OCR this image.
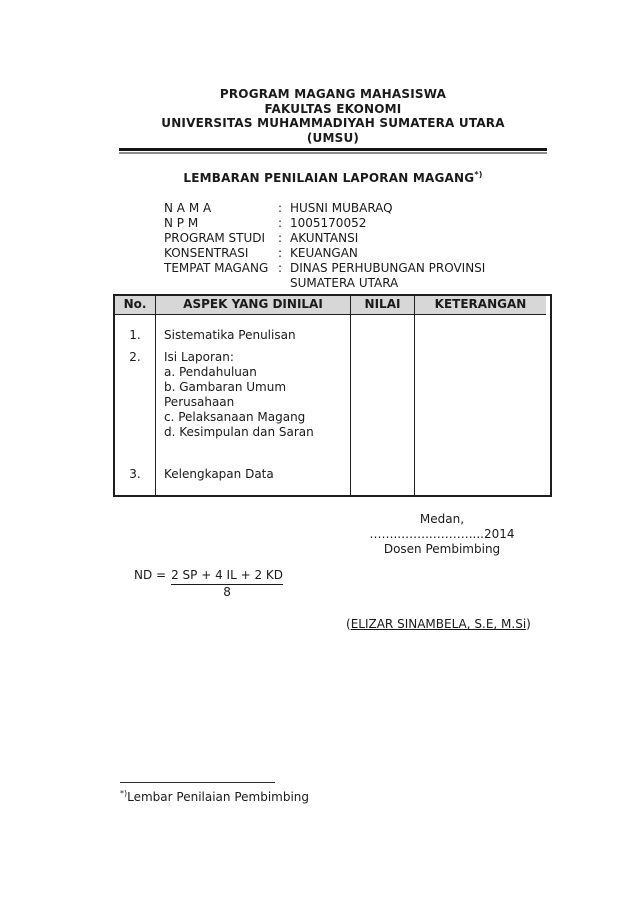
PROGRAM MAGANG MAHASISWA
FAKULTAS EKONOMI
UNIVERSITAS MUHAMMADIYAH SUMATERA UTARA
(UMSU)
LEMBARAN PENILAIAN LAPORAN MAGANG*)
N A M A	: HUSNI MUBARAQ
N P M	: 1005170052
PROGRAM STUDI	: AKUNTANSI
KONSENTRASI	: KEUANGAN
TEMPAT MAGANG : DINAS PERHUBUNGAN PROVINSI SUMATERA UTARA
No.	ASPEK YANG DINILAI	NILAI	KETERANGAN
1.	Sistematika Penulisan
2.	Isi Laporan:
a. Pendahuluan
b. Gambaran Umum Perusahaan
c. Pelaksanaan Magang
d. Kesimpulan dan Saran
3.	Kelengkapan Data
Medan, ……..……..………....2014
Dosen Pembimbing
ND = $\frac{2 SP + 4 IL + 2 KD}{8}$
(ELIZAR SINAMBELA, S.E, M.Si)
*)Lembar Penilaian Pembimbing
